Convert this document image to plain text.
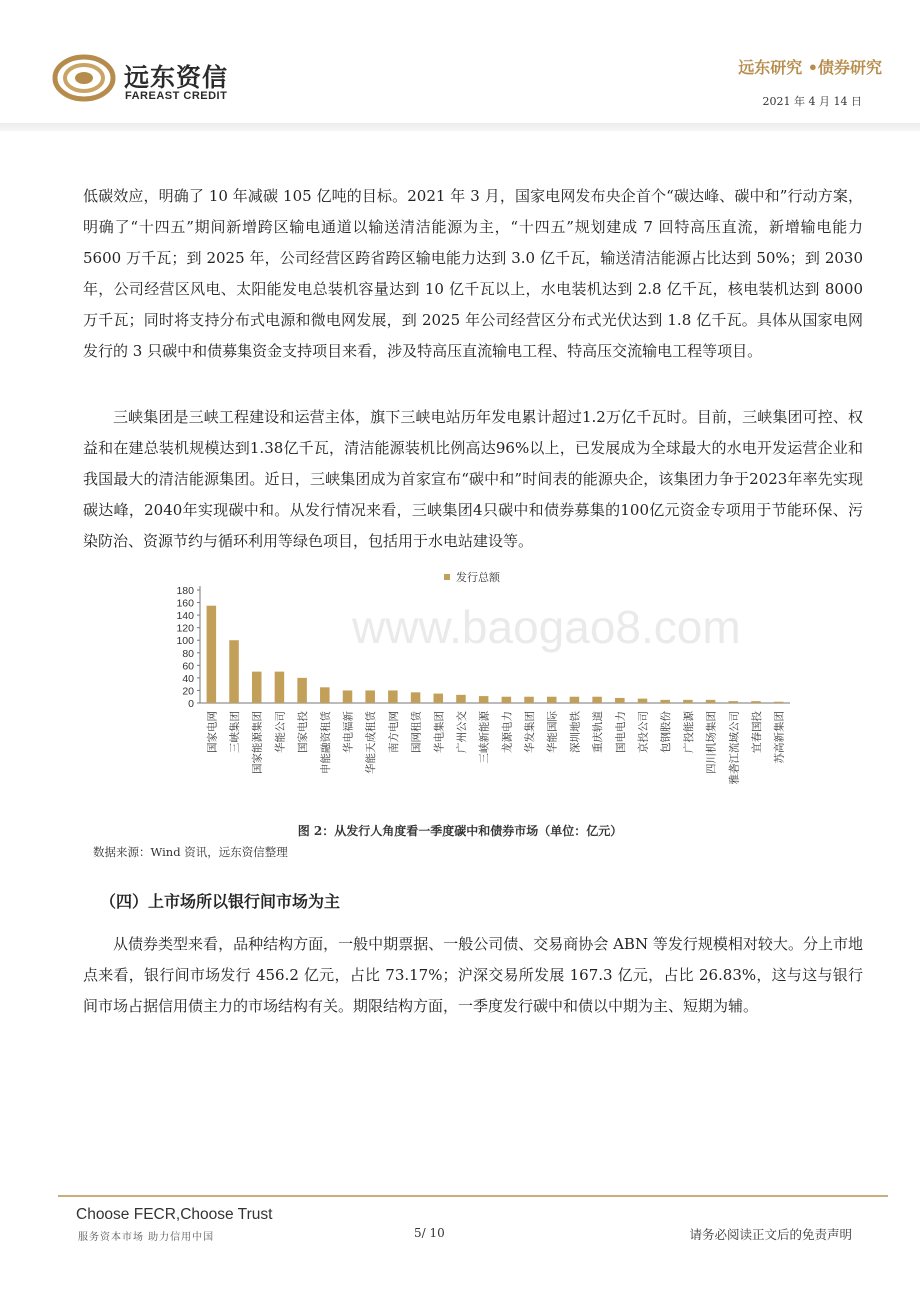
远东资信
FAREAST CREDIT
远东研究 •债券研究
2021 年 4 月 14 日

低碳效应，明确了 10 年减碳 105 亿吨的目标。2021 年 3 月，国家电网发布央企首个“碳达峰、碳中和”行动方案，明确了“十四五”期间新增跨区输电通道以输送清洁能源为主，“十四五”规划建成 7 回特高压直流，新增输电能力 5600 万千瓦；到 2025 年，公司经营区跨省跨区输电能力达到 3.0 亿千瓦，输送清洁能源占比达到 50%；到 2030 年，公司经营区风电、太阳能发电总装机容量达到 10 亿千瓦以上，水电装机达到 2.8 亿千瓦，核电装机达到 8000 万千瓦；同时将支持分布式电源和微电网发展，到 2025 年公司经营区分布式光伏达到 1.8 亿千瓦。具体从国家电网发行的 3 只碳中和债募集资金支持项目来看，涉及特高压直流输电工程、特高压交流输电工程等项目。

三峡集团是三峡工程建设和运营主体，旗下三峡电站历年发电累计超过1.2万亿千瓦时。目前，三峡集团可控、权益和在建总装机规模达到1.38亿千瓦，清洁能源装机比例高达96%以上，已发展成为全球最大的水电开发运营企业和我国最大的清洁能源集团。近日，三峡集团成为首家宣布“碳中和”时间表的能源央企，该集团力争于2023年率先实现碳达峰，2040年实现碳中和。从发行情况来看，三峡集团4只碳中和债券募集的100亿元资金专项用于节能环保、污染防治、资源节约与循环利用等绿色项目，包括用于水电站建设等。

www.baogao8.com
0
20
40
60
80
100
120
140
160
180
发行总额
国家电网 三峡集团 国家能源集团 华能公司 国家电投 申能融资租赁 华电福新 华能天成租赁 南方电网 国网租赁 华电集团 广州公交 三峡新能源 龙源电力 华发集团 华能国际 深圳地铁 重庆轨道 国电电力 京投公司 包钢股份 广投能源 四川机场集团 雅砻江流域公司 宜春国投 苏高新集团
图 2：从发行人角度看一季度碳中和债券市场（单位：亿元）
数据来源：Wind 资讯，远东资信整理
（四）上市场所以银行间市场为主

从债券类型来看，品种结构方面，一般中期票据、一般公司债、交易商协会 ABN 等发行规模相对较大。分上市地点来看，银行间市场发行 456.2 亿元，占比 73.17%；沪深交易所发展 167.3 亿元，占比 26.83%，这与这与银行间市场占据信用债主力的市场结构有关。期限结构方面，一季度发行碳中和债以中期为主、短期为辅。

Choose FECR,Choose Trust
服务资本市场 助力信用中国	5/ 10	请务必阅读正文后的免责声明
